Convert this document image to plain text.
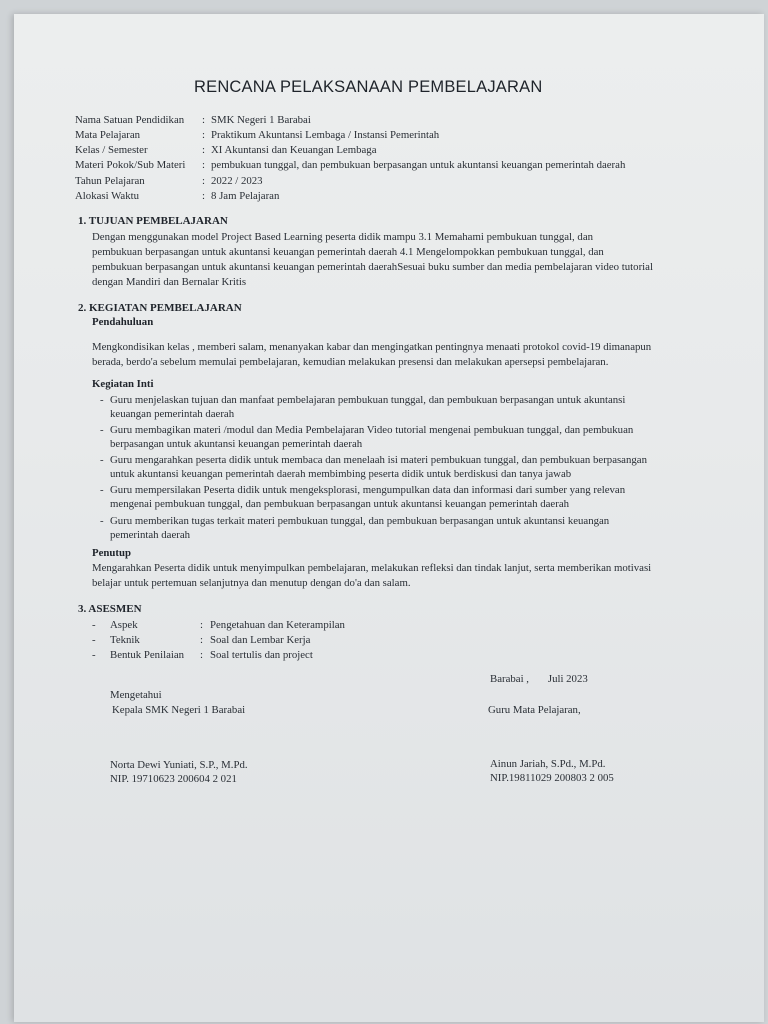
RENCANA PELAKSANAAN PEMBELAJARAN
Nama Satuan Pendidikan : SMK Negeri 1 Barabai
Mata Pelajaran	: Praktikum Akuntansi Lembaga / Instansi Pemerintah
Kelas / Semester	: XI Akuntansi dan Keuangan Lembaga
Materi Pokok/Sub Materi : pembukuan tunggal, dan pembukuan berpasangan untuk akuntansi keuangan pemerintah daerah
Tahun Pelajaran	: 2022 / 2023
Alokasi Waktu	: 8 Jam Pelajaran
1. TUJUAN PEMBELAJARAN
Dengan menggunakan model Project Based Learning peserta didik mampu 3.1 Memahami pembukuan tunggal, dan
pembukuan berpasangan untuk akuntansi keuangan pemerintah daerah 4.1 Mengelompokkan pembukuan tunggal, dan
pembukuan berpasangan untuk akuntansi keuangan pemerintah daerahSesuai buku sumber dan media pembelajaran video tutorial
dengan Mandiri dan Bernalar Kritis
2. KEGIATAN PEMBELAJARAN
Pendahuluan
Mengkondisikan kelas , memberi salam, menanyakan kabar dan mengingatkan pentingnya menaati protokol covid-19 dimanapun
berada, berdo'a sebelum memulai pembelajaran, kemudian melakukan presensi dan melakukan apersepsi pembelajaran.
Kegiatan Inti
- Guru menjelaskan tujuan dan manfaat pembelajaran pembukuan tunggal, dan pembukuan berpasangan untuk akuntansi
keuangan pemerintah daerah
- Guru membagikan materi /modul dan Media Pembelajaran Video tutorial mengenai pembukuan tunggal, dan pembukuan
berpasangan untuk akuntansi keuangan pemerintah daerah
- Guru mengarahkan peserta didik untuk membaca dan menelaah isi materi pembukuan tunggal, dan pembukuan berpasangan
untuk akuntansi keuangan pemerintah daerah membimbing peserta didik untuk berdiskusi dan tanya jawab
- Guru mempersilakan Peserta didik untuk mengeksplorasi, mengumpulkan data dan informasi dari sumber yang relevan
mengenai pembukuan tunggal, dan pembukuan berpasangan untuk akuntansi keuangan pemerintah daerah
- Guru memberikan tugas terkait materi pembukuan tunggal, dan pembukuan berpasangan untuk akuntansi keuangan
pemerintah daerah
Penutup
Mengarahkan Peserta didik untuk menyimpulkan pembelajaran, melakukan refleksi dan tindak lanjut, serta memberikan motivasi
belajar untuk pertemuan selanjutnya dan menutup dengan do'a dan salam.
3. ASESMEN
- Aspek	: Pengetahuan dan Keterampilan
- Teknik	: Soal dan Lembar Kerja
- Bentuk Penilaian : Soal tertulis dan project
Barabai ,       Juli 2023
Mengetahui
Kepala SMK Negeri 1 Barabai	Guru Mata Pelajaran,
Norta Dewi Yuniati, S.P., M.Pd.
NIP. 19710623 200604 2 021
Ainun Jariah, S.Pd., M.Pd.
NIP.19811029 200803 2 005
